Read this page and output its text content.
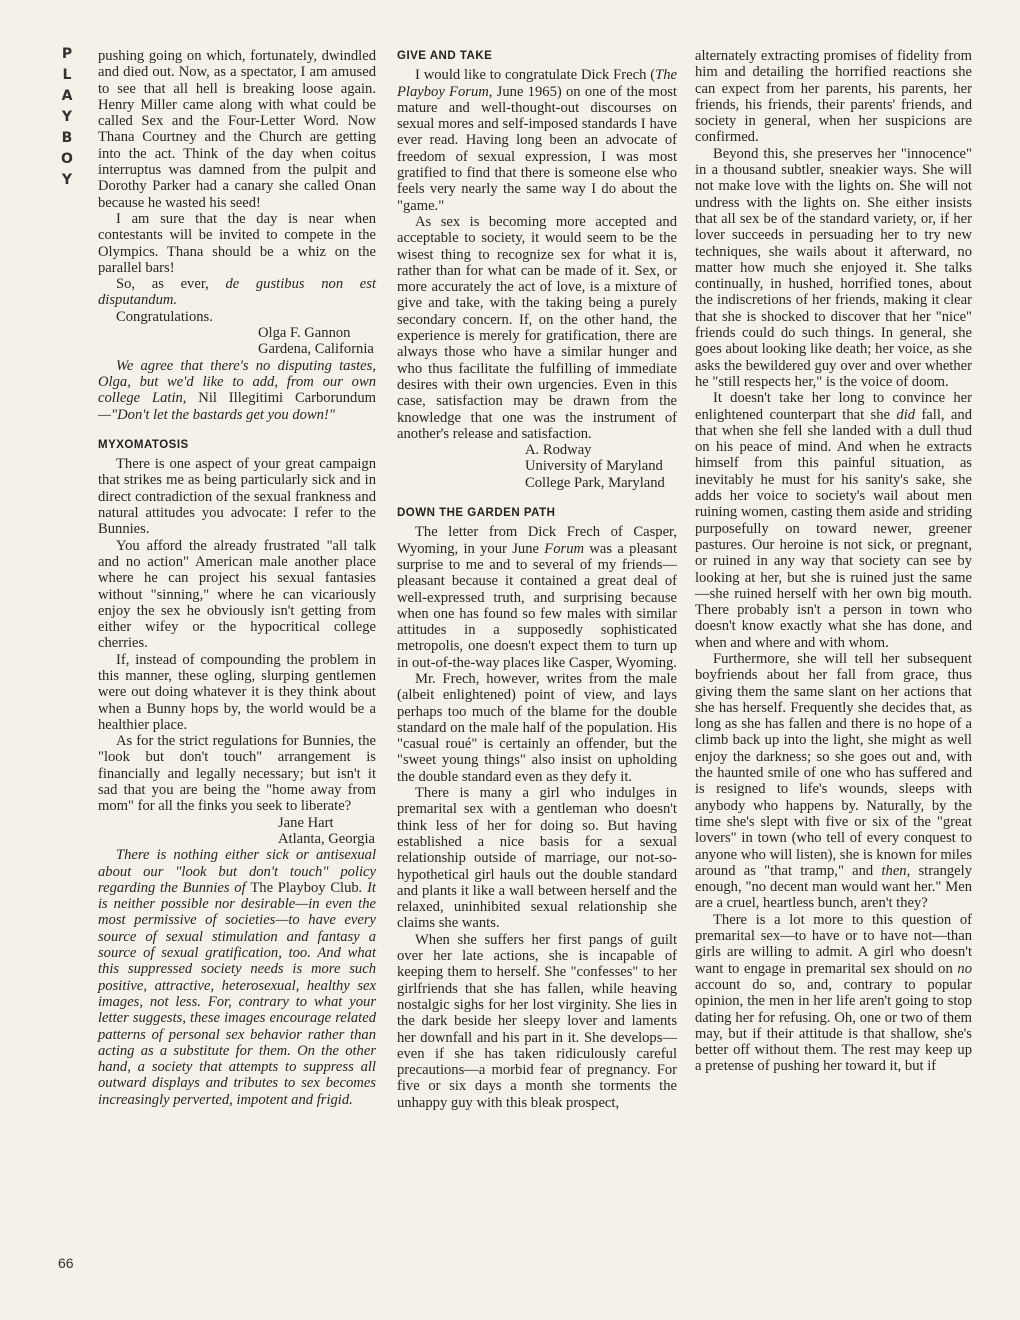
P
L
A
Y
B
O
Y
66

pushing going on which, fortunately, dwindled and died out. Now, as a spectator, I am amused to see that all hell is breaking loose again. Henry Miller came along with what could be called Sex and the Four-Letter Word. Now Thana Courtney and the Church are getting into the act. Think of the day when coitus interruptus was damned from the pulpit and Dorothy Parker had a canary she called Onan because he wasted his seed!

I am sure that the day is near when contestants will be invited to compete in the Olympics. Thana should be a whiz on the parallel bars!

So, as ever, de gustibus non est disputandum.

Congratulations.

Olga F. Gannon

Gardena, California

We agree that there's no disputing tastes, Olga, but we'd like to add, from our own college Latin, Nil Illegitimi Carborundum—"Don't let the bastards get you down!"

MYXOMATOSIS

There is one aspect of your great campaign that strikes me as being particularly sick and in direct contradiction of the sexual frankness and natural attitudes you advocate: I refer to the Bunnies.

You afford the already frustrated "all talk and no action" American male another place where he can project his sexual fantasies without "sinning," where he can vicariously enjoy the sex he obviously isn't getting from either wifey or the hypocritical college cherries.

If, instead of compounding the problem in this manner, these ogling, slurping gentlemen were out doing whatever it is they think about when a Bunny hops by, the world would be a healthier place.

As for the strict regulations for Bunnies, the "look but don't touch" arrangement is financially and legally necessary; but isn't it sad that you are being the "home away from mom" for all the finks you seek to liberate?

Jane Hart

Atlanta, Georgia

There is nothing either sick or antisexual about our "look but don't touch" policy regarding the Bunnies of The Playboy Club. It is neither possible nor desirable—in even the most permissive of societies—to have every source of sexual stimulation and fantasy a source of sexual gratification, too. And what this suppressed society needs is more such positive, attractive, heterosexual, healthy sex images, not less. For, contrary to what your letter suggests, these images encourage related patterns of personal sex behavior rather than acting as a substitute for them. On the other hand, a society that attempts to suppress all outward displays and tributes to sex becomes increasingly perverted, impotent and frigid.

GIVE AND TAKE

I would like to congratulate Dick Frech (The Playboy Forum, June 1965) on one of the most mature and well-thought-out discourses on sexual mores and self-imposed standards I have ever read. Having long been an advocate of freedom of sexual expression, I was most gratified to find that there is someone else who feels very nearly the same way I do about the "game."

As sex is becoming more accepted and acceptable to society, it would seem to be the wisest thing to recognize sex for what it is, rather than for what can be made of it. Sex, or more accurately the act of love, is a mixture of give and take, with the taking being a purely secondary concern. If, on the other hand, the experience is merely for gratification, there are always those who have a similar hunger and who thus facilitate the fulfilling of immediate desires with their own urgencies. Even in this case, satisfaction may be drawn from the knowledge that one was the instrument of another's release and satisfaction.

A. Rodway

University of Maryland

College Park, Maryland

DOWN THE GARDEN PATH

The letter from Dick Frech of Casper, Wyoming, in your June Forum was a pleasant surprise to me and to several of my friends—pleasant because it contained a great deal of well-expressed truth, and surprising because when one has found so few males with similar attitudes in a supposedly sophisticated metropolis, one doesn't expect them to turn up in out-of-the-way places like Casper, Wyoming.

Mr. Frech, however, writes from the male (albeit enlightened) point of view, and lays perhaps too much of the blame for the double standard on the male half of the population. His "casual roué" is certainly an offender, but the "sweet young things" also insist on upholding the double standard even as they defy it.

There is many a girl who indulges in premarital sex with a gentleman who doesn't think less of her for doing so. But having established a nice basis for a sexual relationship outside of marriage, our not-so-hypothetical girl hauls out the double standard and plants it like a wall between herself and the relaxed, uninhibited sexual relationship she claims she wants.

When she suffers her first pangs of guilt over her late actions, she is incapable of keeping them to herself. She "confesses" to her girlfriends that she has fallen, while heaving nostalgic sighs for her lost virginity. She lies in the dark beside her sleepy lover and laments her downfall and his part in it. She develops—even if she has taken ridiculously careful precautions—a morbid fear of pregnancy. For five or six days a month she torments the unhappy guy with this bleak prospect,

alternately extracting promises of fidelity from him and detailing the horrified reactions she can expect from her parents, his parents, her friends, his friends, their parents' friends, and society in general, when her suspicions are confirmed.

Beyond this, she preserves her "innocence" in a thousand subtler, sneakier ways. She will not make love with the lights on. She will not undress with the lights on. She either insists that all sex be of the standard variety, or, if her lover succeeds in persuading her to try new techniques, she wails about it afterward, no matter how much she enjoyed it. She talks continually, in hushed, horrified tones, about the indiscretions of her friends, making it clear that she is shocked to discover that her "nice" friends could do such things. In general, she goes about looking like death; her voice, as she asks the bewildered guy over and over whether he "still respects her," is the voice of doom.

It doesn't take her long to convince her enlightened counterpart that she did fall, and that when she fell she landed with a dull thud on his peace of mind. And when he extracts himself from this painful situation, as inevitably he must for his sanity's sake, she adds her voice to society's wail about men ruining women, casting them aside and striding purposefully on toward newer, greener pastures. Our heroine is not sick, or pregnant, or ruined in any way that society can see by looking at her, but she is ruined just the same—she ruined herself with her own big mouth. There probably isn't a person in town who doesn't know exactly what she has done, and when and where and with whom.

Furthermore, she will tell her subsequent boyfriends about her fall from grace, thus giving them the same slant on her actions that she has herself. Frequently she decides that, as long as she has fallen and there is no hope of a climb back up into the light, she might as well enjoy the darkness; so she goes out and, with the haunted smile of one who has suffered and is resigned to life's wounds, sleeps with anybody who happens by. Naturally, by the time she's slept with five or six of the "great lovers" in town (who tell of every conquest to anyone who will listen), she is known for miles around as "that tramp," and then, strangely enough, "no decent man would want her." Men are a cruel, heartless bunch, aren't they?

There is a lot more to this question of premarital sex—to have or to have not—than girls are willing to admit. A girl who doesn't want to engage in premarital sex should on no account do so, and, contrary to popular opinion, the men in her life aren't going to stop dating her for refusing. Oh, one or two of them may, but if their attitude is that shallow, she's better off without them. The rest may keep up a pretense of pushing her toward it, but if
